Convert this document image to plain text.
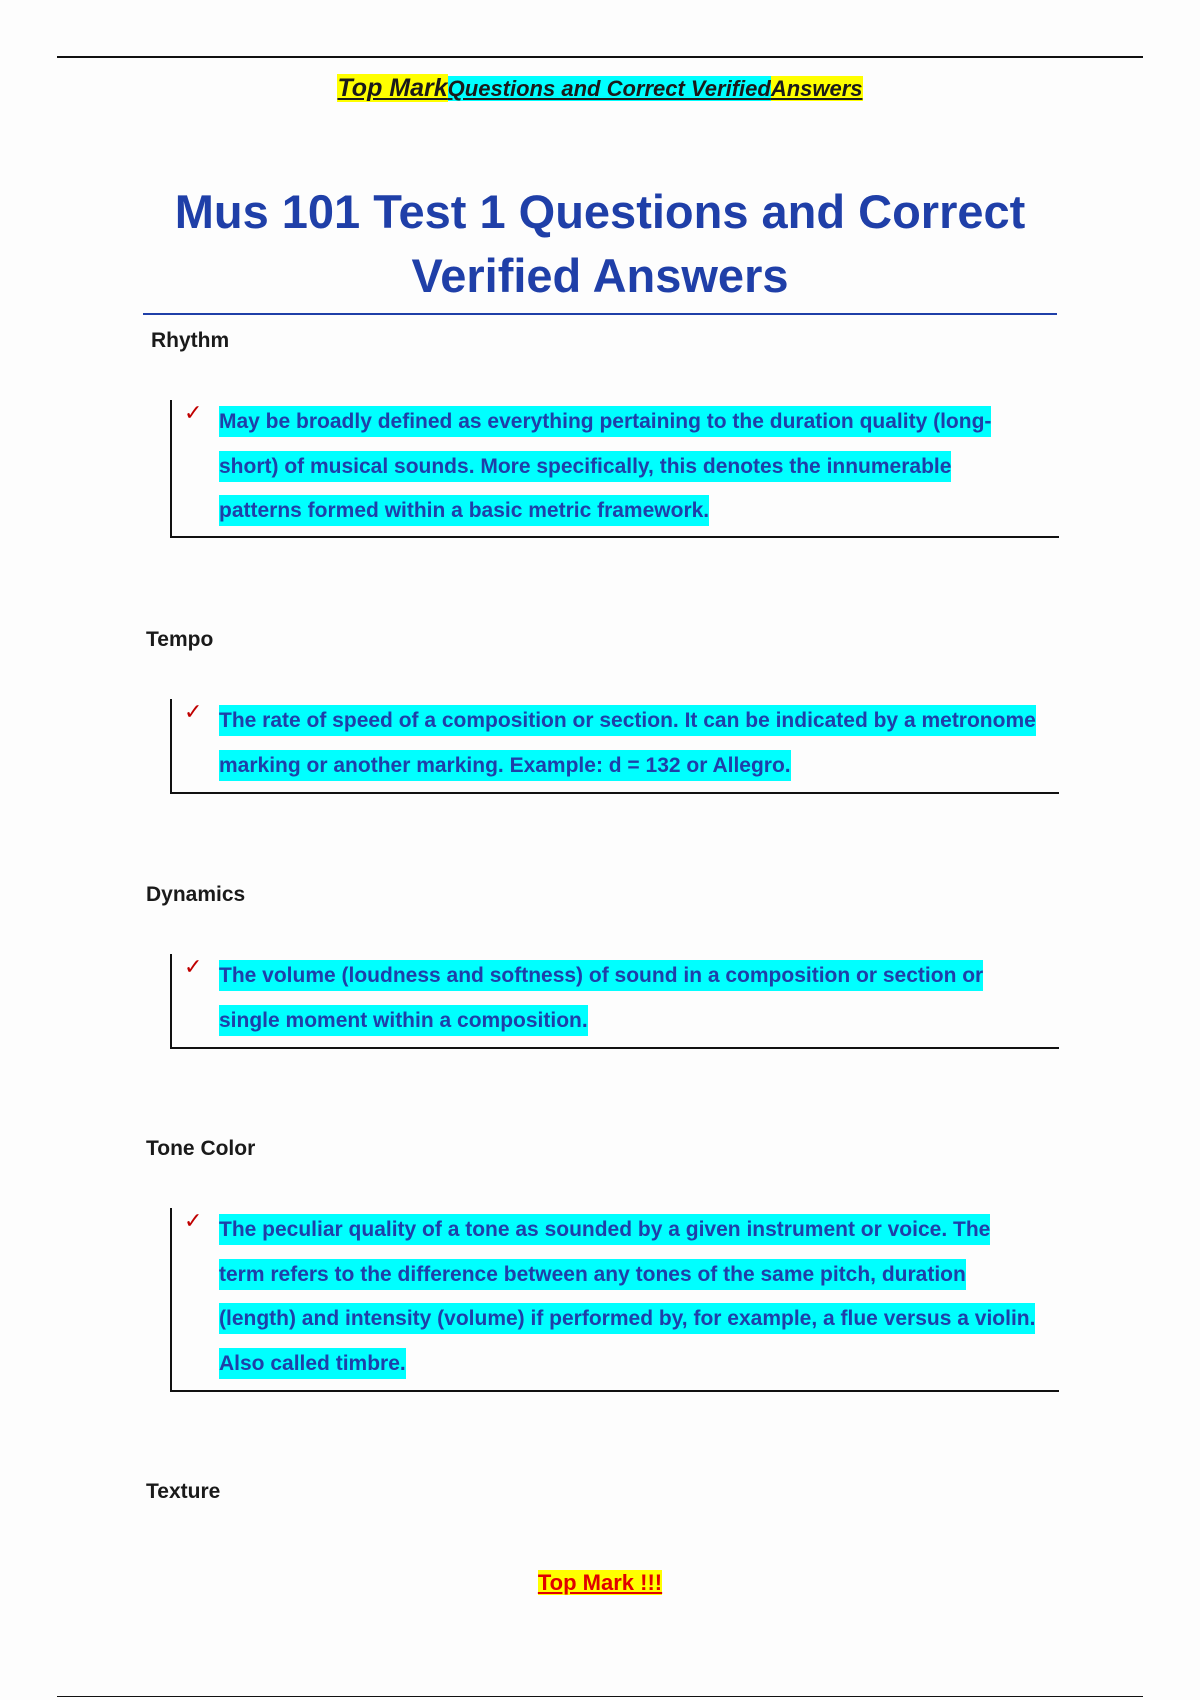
Top MarkQuestions and Correct VerifiedAnswers
Mus 101 Test 1 Questions and Correct Verified Answers

Rhythm

✓ May be broadly defined as everything pertaining to the duration quality (long-short) of musical sounds. More specifically, this denotes the innumerable patterns formed within a basic metric framework.

Tempo

✓ The rate of speed of a composition or section. It can be indicated by a metronome marking or another marking. Example: d = 132 or Allegro.

Dynamics

✓ The volume (loudness and softness) of sound in a composition or section or single moment within a composition.

Tone Color

✓ The peculiar quality of a tone as sounded by a given instrument or voice. The term refers to the difference between any tones of the same pitch, duration (length) and intensity (volume) if performed by, for example, a flue versus a violin. Also called timbre.

Texture

Top Mark !!!
